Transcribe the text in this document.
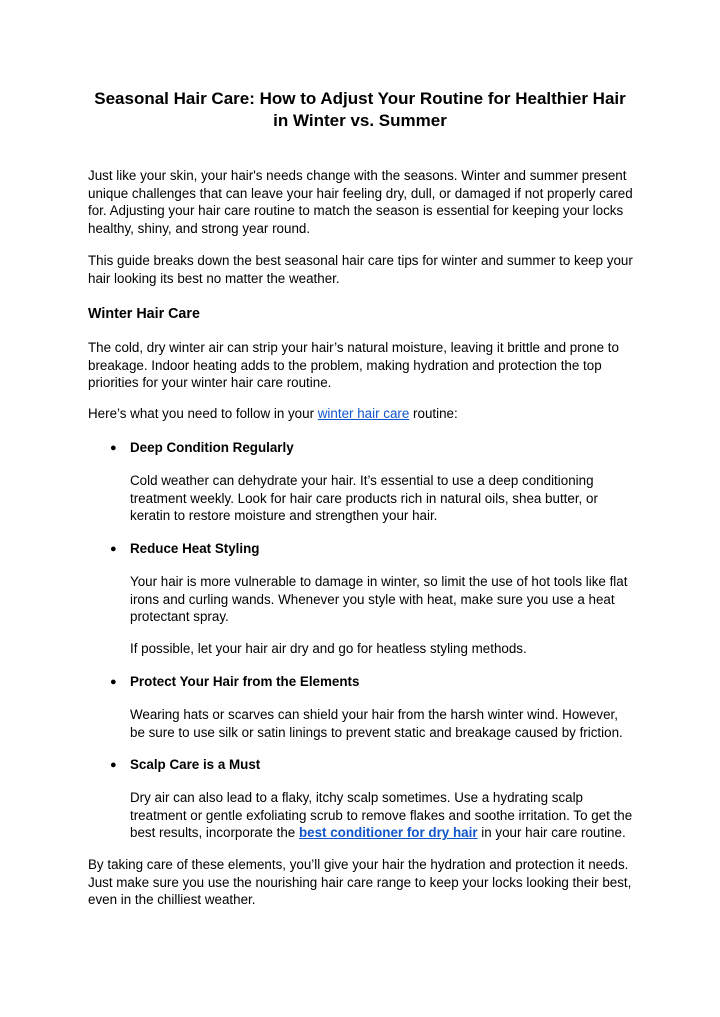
Seasonal Hair Care: How to Adjust Your Routine for Healthier Hair
in Winter vs. Summer

Just like your skin, your hair's needs change with the seasons. Winter and summer present unique challenges that can leave your hair feeling dry, dull, or damaged if not properly cared for. Adjusting your hair care routine to match the season is essential for keeping your locks healthy, shiny, and strong year round.

This guide breaks down the best seasonal hair care tips for winter and summer to keep your hair looking its best no matter the weather.

Winter Hair Care

The cold, dry winter air can strip your hair’s natural moisture, leaving it brittle and prone to breakage. Indoor heating adds to the problem, making hydration and protection the top priorities for your winter hair care routine.

Here’s what you need to follow in your winter hair care routine:

● Deep Condition Regularly

Cold weather can dehydrate your hair. It’s essential to use a deep conditioning treatment weekly. Look for hair care products rich in natural oils, shea butter, or keratin to restore moisture and strengthen your hair.

● Reduce Heat Styling

Your hair is more vulnerable to damage in winter, so limit the use of hot tools like flat irons and curling wands. Whenever you style with heat, make sure you use a heat protectant spray.

If possible, let your hair air dry and go for heatless styling methods.

● Protect Your Hair from the Elements

Wearing hats or scarves can shield your hair from the harsh winter wind. However, be sure to use silk or satin linings to prevent static and breakage caused by friction.

● Scalp Care is a Must

Dry air can also lead to a flaky, itchy scalp sometimes. Use a hydrating scalp treatment or gentle exfoliating scrub to remove flakes and soothe irritation. To get the best results, incorporate the best conditioner for dry hair in your hair care routine.

By taking care of these elements, you’ll give your hair the hydration and protection it needs. Just make sure you use the nourishing hair care range to keep your locks looking their best, even in the chilliest weather.
